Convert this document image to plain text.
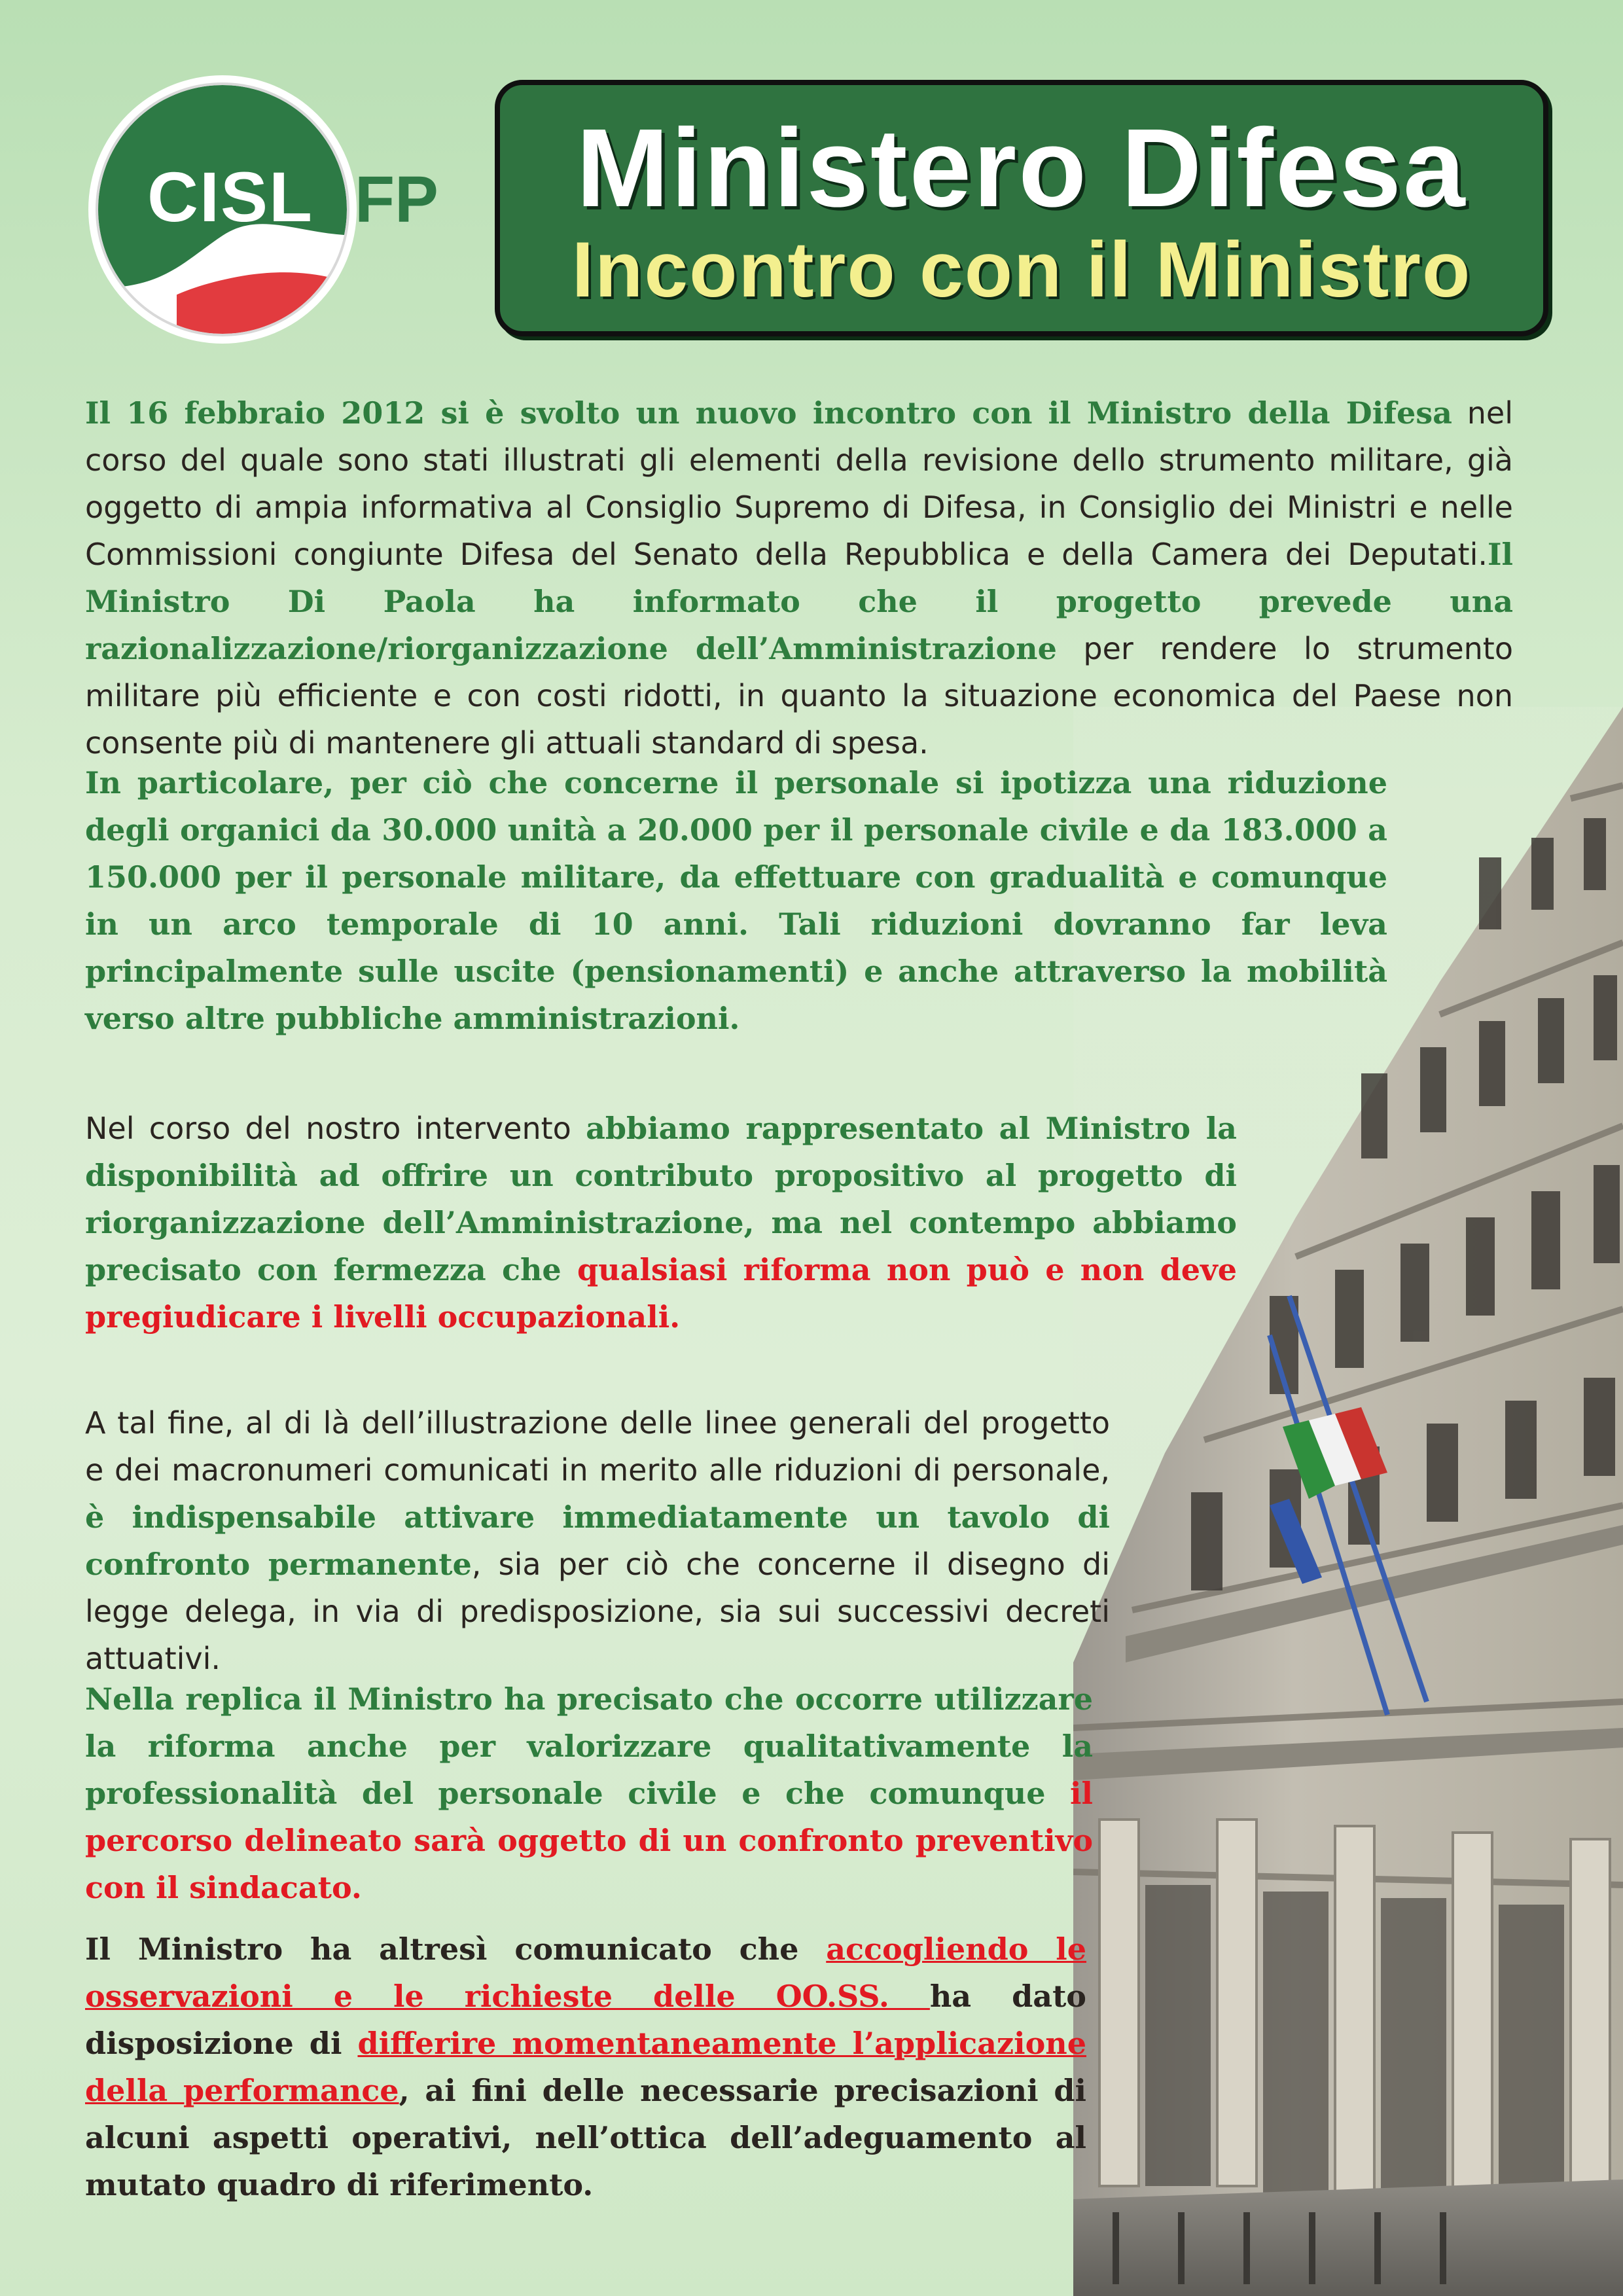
CISL FP	Ministero Difesa
Incontro con il Ministro

Il 16 febbraio 2012 si è svolto un nuovo incontro con il Ministro della Difesa nel corso del quale sono stati illustrati gli elementi della revisione dello strumento militare, già oggetto di ampia informativa al Consiglio Supremo di Difesa, in Consiglio dei Ministri e nelle Commissioni congiunte Difesa del Senato della Repubblica e della Camera dei Deputati.Il Ministro Di Paola ha informato che il progetto prevede una razionalizzazione/riorganizzazione dell’Amministrazione per rendere lo strumento militare più efficiente e con costi ridotti, in quanto la situazione economica del Paese non consente più di mantenere gli attuali standard di spesa.

In particolare, per ciò che concerne il personale si ipotizza una riduzione degli organici da 30.000 unità a 20.000 per il personale civile e da 183.000 a 150.000 per il personale militare, da effettuare con gradualità e comunque in un arco temporale di 10 anni. Tali riduzioni dovranno far leva principalmente sulle uscite (pensionamenti) e anche attraverso la mobilità verso altre pubbliche amministrazioni.

Nel corso del nostro intervento abbiamo rappresentato al Ministro la disponibilità ad offrire un contributo propositivo al progetto di riorganizzazione dell’Amministrazione, ma nel contempo abbiamo precisato con fermezza che qualsiasi riforma non può e non deve pregiudicare i livelli occupazionali.

A tal fine, al di là dell’illustrazione delle linee generali del progetto e dei macronumeri comunicati in merito alle riduzioni di personale, è indispensabile attivare immediatamente un tavolo di confronto permanente, sia per ciò che concerne il disegno di legge delega, in via di predisposizione, sia sui successivi decreti attuativi.

Nella replica il Ministro ha precisato che occorre utilizzare la riforma anche per valorizzare qualitativamente la professionalità del personale civile e che comunque il percorso delineato sarà oggetto di un confronto preventivo con il sindacato.

Il Ministro ha altresì comunicato che accogliendo le osservazioni e le richieste delle OO.SS. ha dato disposizione di differire momentaneamente l’applicazione della performance, ai fini delle necessarie precisazioni di alcuni aspetti operativi, nell’ottica dell’adeguamento al mutato quadro di riferimento.
